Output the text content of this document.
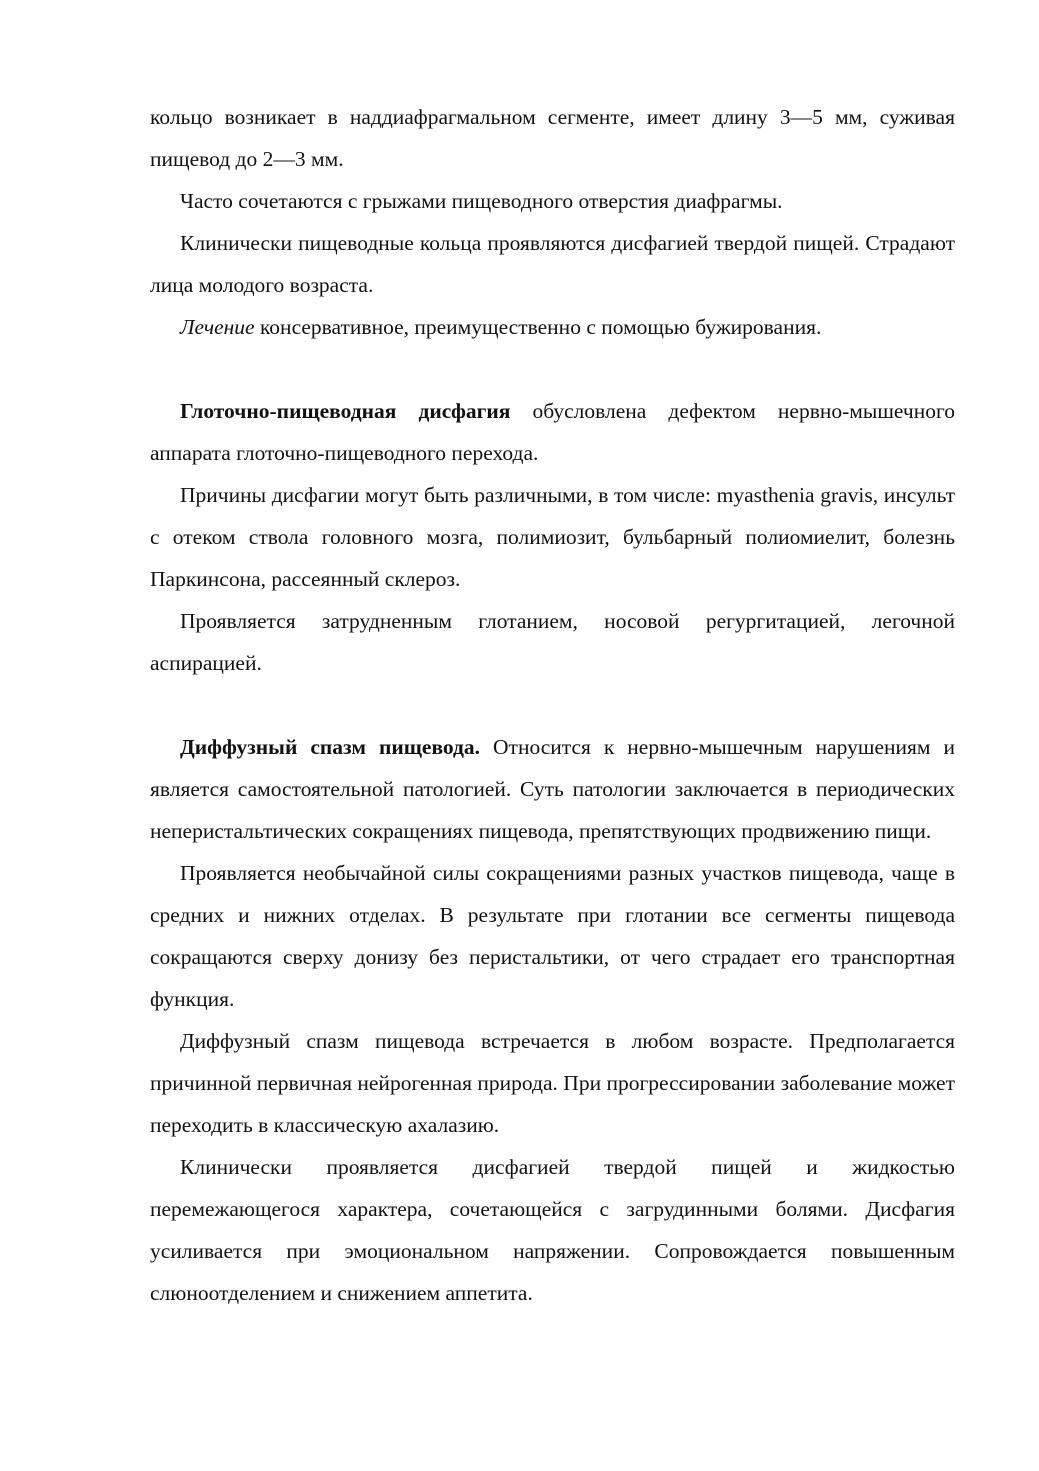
кольцо возникает в наддиафрагмальном сегменте, имеет длину 3—5 мм, суживая пищевод до 2—3 мм.

Часто сочетаются с грыжами пищеводного отверстия диафрагмы.

Клинически пищеводные кольца проявляются дисфагией твердой пищей. Страдают лица молодого возраста.

Лечение консервативное, преимущественно с помощью бужирования.

Глоточно-пищеводная дисфагия обусловлена дефектом нервно-мышечного аппарата глоточно-пищеводного перехода.

Причины дисфагии могут быть различными, в том числе: myasthenia gravis, инсульт с отеком ствола головного мозга, полимиозит, бульбарный полиомиелит, болезнь Паркинсона, рассеянный склероз.

Проявляется затрудненным глотанием, носовой регургитацией, легочной аспирацией.

Диффузный спазм пищевода. Относится к нервно-мышечным нарушениям и является самостоятельной патологией. Суть патологии заключается в периодических неперистальтических сокращениях пищевода, препятствующих продвижению пищи.

Проявляется необычайной силы сокращениями разных участков пищевода, чаще в средних и нижних отделах. В результате при глотании все сегменты пищевода сокращаются сверху донизу без перистальтики, от чего страдает его транспортная функция.

Диффузный спазм пищевода встречается в любом возрасте. Предполагается причинной первичная нейрогенная природа. При прогрессировании заболевание может переходить в классическую ахалазию.

Клинически проявляется дисфагией твердой пищей и жидкостью перемежающегося характера, сочетающейся с загрудинными болями. Дисфагия усиливается при эмоциональном напряжении. Сопровождается повышенным слюноотделением и снижением аппетита.
